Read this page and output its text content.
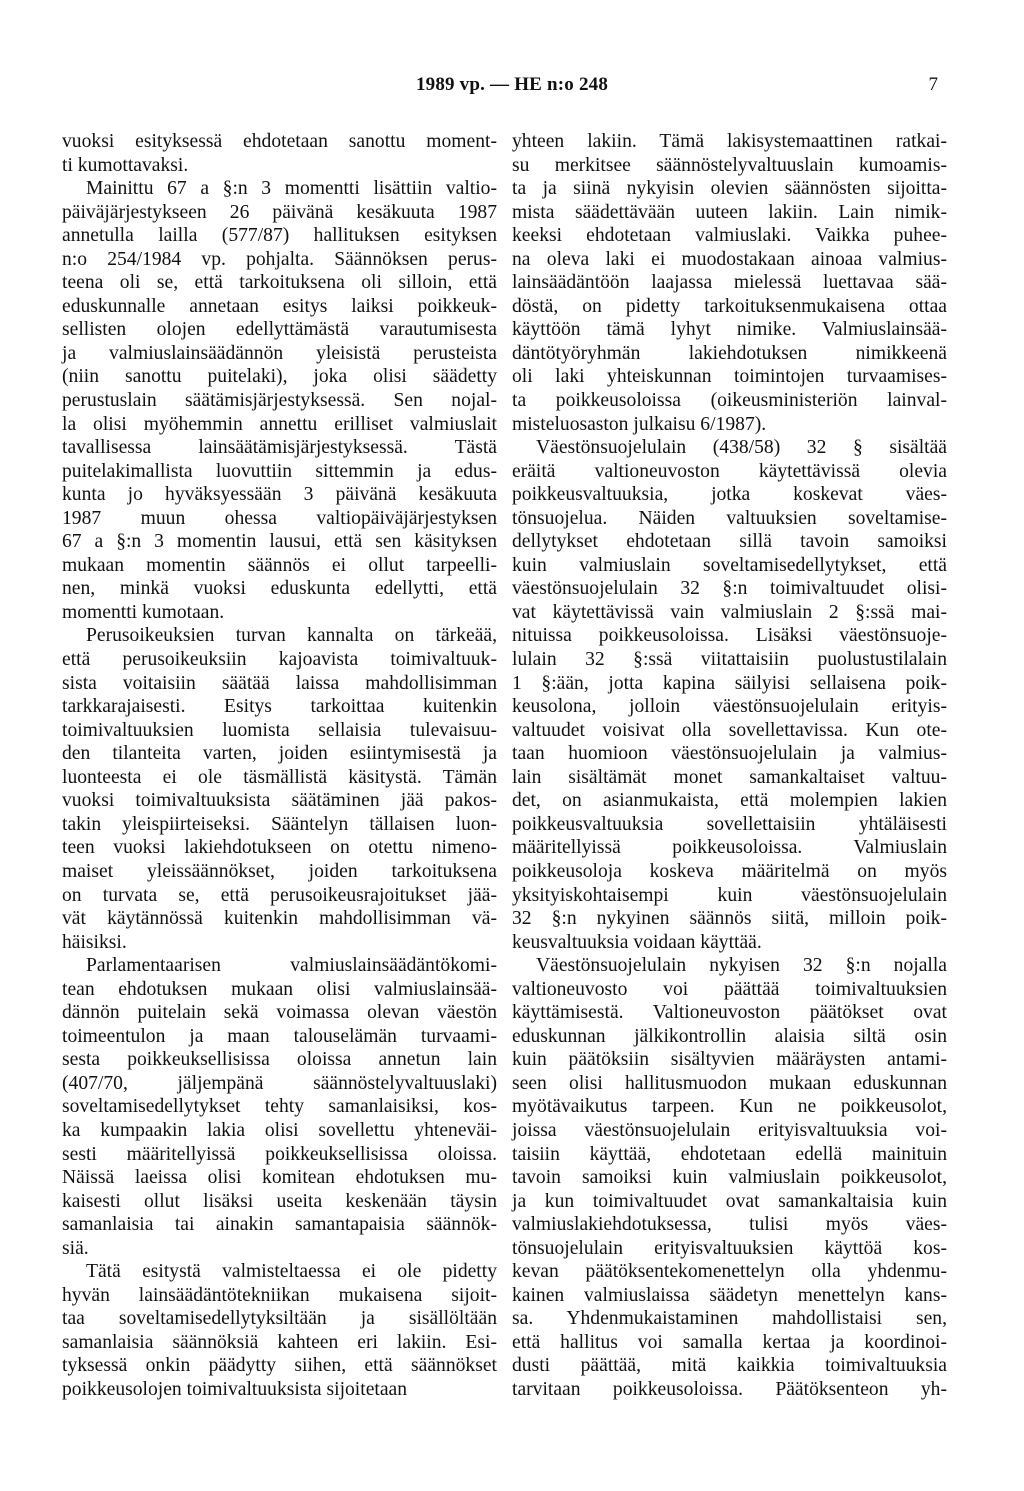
1989 vp. — HE n:o 248	7
vuoksi esityksessä ehdotetaan sanottu moment-
ti kumottavaksi.
Mainittu 67 a §:n 3 momentti lisättiin valtio-
päiväjärjestykseen 26 päivänä kesäkuuta 1987
annetulla lailla (577/87) hallituksen esityksen
n:o 254/1984 vp. pohjalta. Säännöksen perus-
teena oli se, että tarkoituksena oli silloin, että
eduskunnalle annetaan esitys laiksi poikkeuk-
sellisten olojen edellyttämästä varautumisesta
ja valmiuslainsäädännön yleisistä perusteista
(niin sanottu puitelaki), joka olisi säädetty
perustuslain säätämisjärjestyksessä. Sen nojal-
la olisi myöhemmin annettu erilliset valmiuslait
tavallisessa lainsäätämisjärjestyksessä. Tästä
puitelakimallista luovuttiin sittemmin ja edus-
kunta jo hyväksyessään 3 päivänä kesäkuuta
1987 muun ohessa valtiopäiväjärjestyksen
67 a §:n 3 momentin lausui, että sen käsityksen
mukaan momentin säännös ei ollut tarpeelli-
nen, minkä vuoksi eduskunta edellytti, että
momentti kumotaan.
Perusoikeuksien turvan kannalta on tärkeää,
että perusoikeuksiin kajoavista toimivaltuuk-
sista voitaisiin säätää laissa mahdollisimman
tarkkarajaisesti. Esitys tarkoittaa kuitenkin
toimivaltuuksien luomista sellaisia tulevaisuu-
den tilanteita varten, joiden esiintymisestä ja
luonteesta ei ole täsmällistä käsitystä. Tämän
vuoksi toimivaltuuksista säätäminen jää pakos-
takin yleispiirteiseksi. Sääntelyn tällaisen luon-
teen vuoksi lakiehdotukseen on otettu nimeno-
maiset yleissäännökset, joiden tarkoituksena
on turvata se, että perusoikeusrajoitukset jää-
vät käytännössä kuitenkin mahdollisimman vä-
häisiksi.
Parlamentaarisen valmiuslainsäädäntökomi-
tean ehdotuksen mukaan olisi valmiuslainsää-
dännön puitelain sekä voimassa olevan väestön
toimeentulon ja maan talouselämän turvaami-
sesta poikkeuksellisissa oloissa annetun lain
(407/70, jäljempänä säännöstelyvaltuuslaki)
soveltamisedellytykset tehty samanlaisiksi, kos-
ka kumpaakin lakia olisi sovellettu yhteneväi-
sesti määritellyissä poikkeuksellisissa oloissa.
Näissä laeissa olisi komitean ehdotuksen mu-
kaisesti ollut lisäksi useita keskenään täysin
samanlaisia tai ainakin samantapaisia säännök-
siä.
Tätä esitystä valmisteltaessa ei ole pidetty
hyvän lainsäädäntötekniikan mukaisena sijoit-
taa soveltamisedellytyksiltään ja sisällöltään
samanlaisia säännöksiä kahteen eri lakiin. Esi-
tyksessä onkin päädytty siihen, että säännökset
poikkeusolojen toimivaltuuksista sijoitetaan
yhteen lakiin. Tämä lakisystemaattinen ratkai-
su merkitsee säännöstelyvaltuuslain kumoamis-
ta ja siinä nykyisin olevien säännösten sijoitta-
mista säädettävään uuteen lakiin. Lain nimik-
keeksi ehdotetaan valmiuslaki. Vaikka puhee-
na oleva laki ei muodostakaan ainoaa valmius-
lainsäädäntöön laajassa mielessä luettavaa sää-
döstä, on pidetty tarkoituksenmukaisena ottaa
käyttöön tämä lyhyt nimike. Valmiuslainsää-
däntötyöryhmän lakiehdotuksen nimikkeenä
oli laki yhteiskunnan toimintojen turvaamises-
ta poikkeusoloissa (oikeusministeriön lainval-
misteluosaston julkaisu 6/1987).
Väestönsuojelulain (438/58) 32 § sisältää
eräitä valtioneuvoston käytettävissä olevia
poikkeusvaltuuksia, jotka koskevat väes-
tönsuojelua. Näiden valtuuksien soveltamise-
dellytykset ehdotetaan sillä tavoin samoiksi
kuin valmiuslain soveltamisedellytykset, että
väestönsuojelulain 32 §:n toimivaltuudet olisi-
vat käytettävissä vain valmiuslain 2 §:ssä mai-
nituissa poikkeusoloissa. Lisäksi väestönsuoje-
lulain 32 §:ssä viitattaisiin puolustustilalain
1 §:ään, jotta kapina säilyisi sellaisena poik-
keusolona, jolloin väestönsuojelulain erityis-
valtuudet voisivat olla sovellettavissa. Kun ote-
taan huomioon väestönsuojelulain ja valmius-
lain sisältämät monet samankaltaiset valtuu-
det, on asianmukaista, että molempien lakien
poikkeusvaltuuksia sovellettaisiin yhtäläisesti
määritellyissä poikkeusoloissa. Valmiuslain
poikkeusoloja koskeva määritelmä on myös
yksityiskohtaisempi kuin väestönsuojelulain
32 §:n nykyinen säännös siitä, milloin poik-
keusvaltuuksia voidaan käyttää.
Väestönsuojelulain nykyisen 32 §:n nojalla
valtioneuvosto voi päättää toimivaltuuksien
käyttämisestä. Valtioneuvoston päätökset ovat
eduskunnan jälkikontrollin alaisia siltä osin
kuin päätöksiin sisältyvien määräysten antami-
seen olisi hallitusmuodon mukaan eduskunnan
myötävaikutus tarpeen. Kun ne poikkeusolot,
joissa väestönsuojelulain erityisvaltuuksia voi-
taisiin käyttää, ehdotetaan edellä mainituin
tavoin samoiksi kuin valmiuslain poikkeusolot,
ja kun toimivaltuudet ovat samankaltaisia kuin
valmiuslakiehdotuksessa, tulisi myös väes-
tönsuojelulain erityisvaltuuksien käyttöä kos-
kevan päätöksentekomenettelyn olla yhdenmu-
kainen valmiuslaissa säädetyn menettelyn kans-
sa. Yhdenmukaistaminen mahdollistaisi sen,
että hallitus voi samalla kertaa ja koordinoi-
dusti päättää, mitä kaikkia toimivaltuuksia
tarvitaan poikkeusoloissa. Päätöksenteon yh-
